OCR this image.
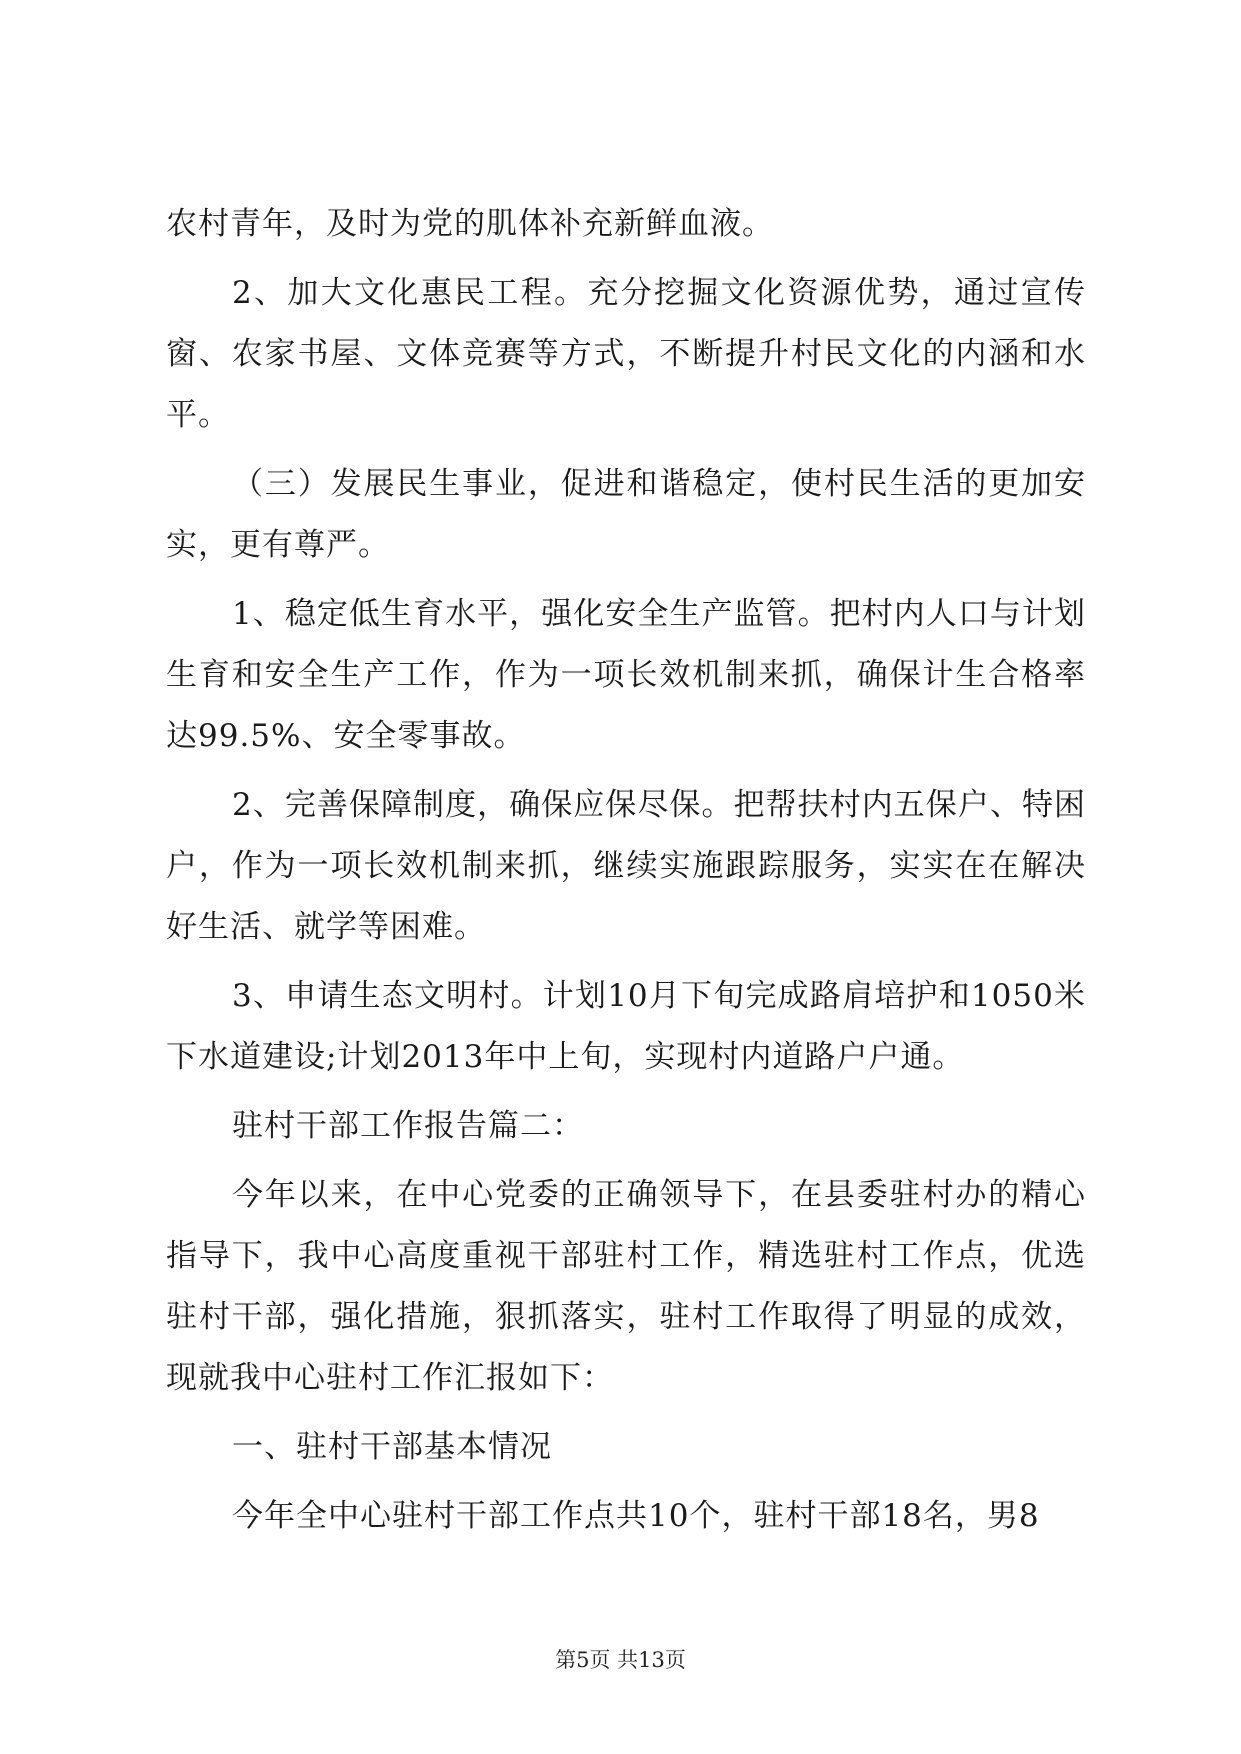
农村青年，及时为党的肌体补充新鲜血液。

2、加大文化惠民工程。充分挖掘文化资源优势，通过宣传窗、农家书屋、文体竞赛等方式，不断提升村民文化的内涵和水平。

（三）发展民生事业，促进和谐稳定，使村民生活的更加安实，更有尊严。

1、稳定低生育水平，强化安全生产监管。把村内人口与计划生育和安全生产工作，作为一项长效机制来抓，确保计生合格率达99.5%、安全零事故。

2、完善保障制度，确保应保尽保。把帮扶村内五保户、特困户，作为一项长效机制来抓，继续实施跟踪服务，实实在在解决好生活、就学等困难。

3、申请生态文明村。计划10月下旬完成路肩培护和1050米下水道建设;计划2013年中上旬，实现村内道路户户通。

驻村干部工作报告篇二：

今年以来，在中心党委的正确领导下，在县委驻村办的精心指导下，我中心高度重视干部驻村工作，精选驻村工作点，优选驻村干部，强化措施，狠抓落实，驻村工作取得了明显的成效，现就我中心驻村工作汇报如下：

一、驻村干部基本情况

今年全中心驻村干部工作点共10个，驻村干部18名，男8

第5页 共13页
